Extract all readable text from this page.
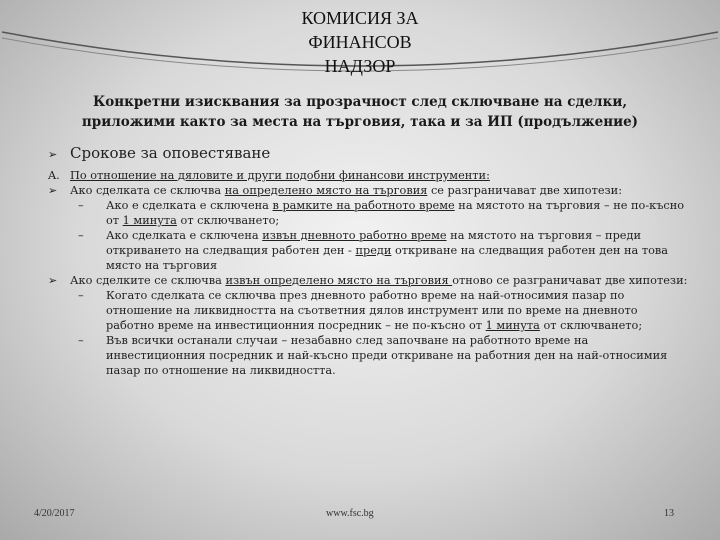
КОМИСИЯ ЗА
ФИНАНСОВ
НАДЗОР
Конкретни изисквания за прозрачност след сключване на сделки,
приложими както за места на търговия, така и за ИП (продължение)
➢ Срокове за оповестяване
A. По отношение на дяловите и други подобни финансови инструменти:
➢	Ако сделката се сключва на определено място на търговия се разграничават две хипотези:
– Ако е сделката е сключена в рамките на работното време на мястото на търговия – не по-късно от 1 минута от сключването;
– Ако сделката е сключена извън дневното работно време на мястото на търговия – преди откриването на следващия работен ден - преди откриване на следващия работен ден на това място на търговия
➢	Ако сделките се сключва извън определено място на търговия отново се разграничават две хипотези:
– Когато сделката се сключва през дневното работно време на най-относимия пазар по отношение на ликвидността на съответния дялов инструмент или по време на дневното работно време на инвестиционния посредник – не по-късно от 1 минута от сключването;
– Във всички останали случаи – незабавно след започване на работното време на инвестиционния посредник и най-късно преди откриване на работния ден на най-относимия пазар по отношение на ликвидността.
4/20/2017	www.fsc.bg	13
